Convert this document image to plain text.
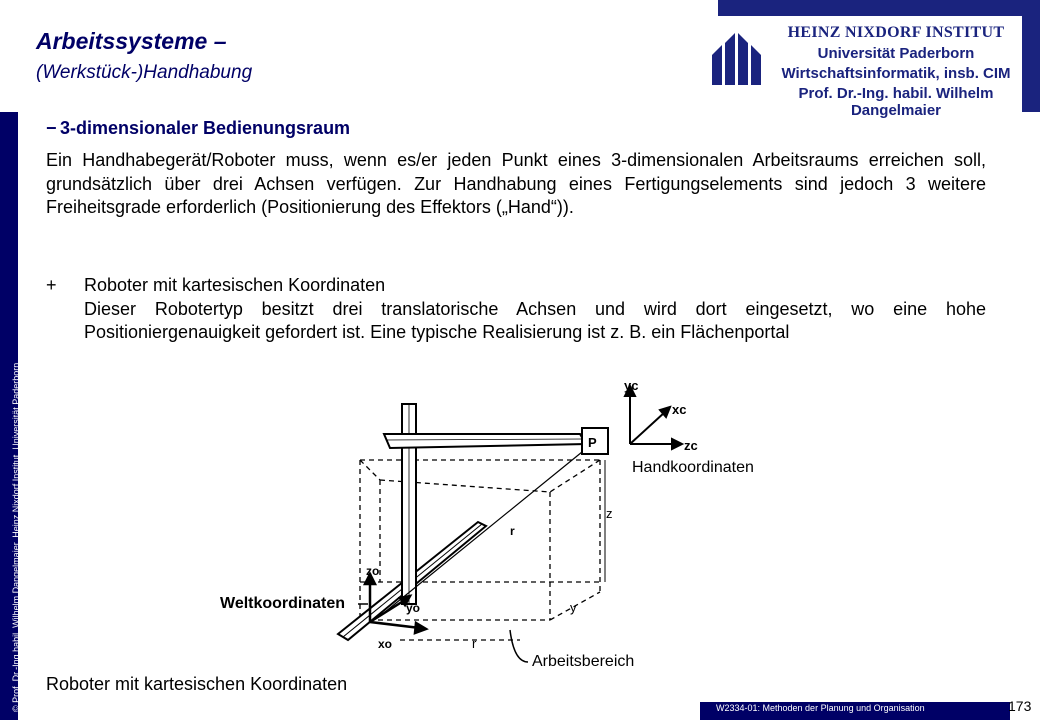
© Prof. Dr.-Ing habil. Wilhelm Dangelmaier, Heinz Nixdorf Institut, Universität Paderborn
Arbeitssysteme –
(Werkstück-)Handhabung
HEINZ NIXDORF INSTITUT
Universität Paderborn
Wirtschaftsinformatik, insb. CIM
Prof. Dr.-Ing. habil. Wilhelm Dangelmaier
− 3-dimensionaler Bedienungsraum

Ein Handhabegerät/Roboter muss, wenn es/er jeden Punkt eines 3-dimensionalen Arbeitsraums erreichen soll, grundsätzlich über drei Achsen verfügen. Zur Handhabung eines Fertigungselements sind jedoch 3 weitere Freiheitsgrade erforderlich (Positionierung des Effektors („Hand“)).

+ Roboter mit kartesischen Koordinaten
Dieser Robotertyp besitzt drei translatorische Achsen und wird dort eingesetzt, wo eine hohe Positioniergenauigkeit gefordert ist. Eine typische Realisierung ist z. B. ein Flächenportal
P
yc
xc
zc
Handkoordinaten
r
z
y
r
zo
yo
xo
Weltkoordinaten
Arbeitsbereich
Roboter mit kartesischen Koordinaten
W2334-01: Methoden der Planung und Organisation	173
